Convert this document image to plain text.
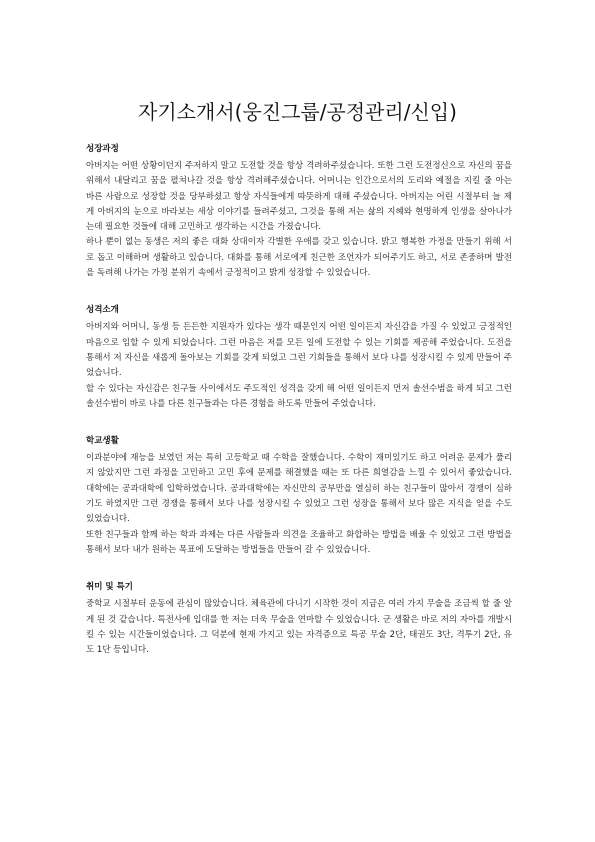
자기소개서(웅진그룹/공정관리/신입)
성장과정

아버지는 어떤 상황이던지 주저하지 말고 도전할 것을 항상 격려하주셨습니다. 또한 그런 도전정신으로 자신의 꿈을 위해서 내달리고 꿈을 펼쳐나갈 것을 항상 격려해주셨습니다. 어머니는 인간으로서의 도리와 예절을 지킬 줄 아는 바른 사람으로 성장할 것을 당부하셨고 항상 자식들에게 따뜻하게 대해 주셨습니다. 아버지는 어린 시절부터 늘 제게 아버지의 눈으로 바라보는 세상 이야기를 들려주셨고, 그것을 통해 저는 삶의 지혜와 현명하게 인생을 살아나가는데 필요한 것들에 대해 고민하고 생각하는 시간을 가졌습니다.

하나 뿐이 없는 동생은 저의 좋은 대화 상대이자 각별한 우애를 갖고 있습니다. 밝고 행복한 가정을 만들기 위해 서로 돕고 이해하며 생활하고 있습니다. 대화를 통해 서로에게 친근한 조언자가 되어주기도 하고, 서로 존중하며 발전을 독려해 나가는 가정 분위기 속에서 긍정적이고 밝게 성장할 수 있었습니다.

성격소개

아버지와 어머니, 동생 등 든든한 지원자가 있다는 생각 때문인지 어떤 일이든지 자신감을 가질 수 있었고 긍정적인 마음으로 임할 수 있게 되었습니다. 그런 마음은 저를 모든 일에 도전할 수 있는 기회를 제공해 주었습니다. 도전을 통해서 저 자신을 새롭게 돌아보는 기회를 갖게 되었고 그런 기회들을 통해서 보다 나를 성장시킬 수 있게 만들어 주었습니다.

할 수 있다는 자신감은 친구들 사이에서도 주도적인 성격을 갖게 해 어떤 일이든지 먼저 솔선수범을 하게 되고 그런 솔선수범이 바로 나를 다른 친구들과는 다른 경험을 하도록 만들어 주었습니다.

학교생활

이과분야에 재능을 보였던 저는 특히 고등학교 때 수학을 잘했습니다. 수학이 재미있기도 하고 어려운 문제가 풀리지 않았지만 그런 과정을 고민하고 고민 후에 문제를 해결했을 때는 또 다른 희열감을 느낄 수 있어서 좋았습니다. 대학에는 공과대학에 입학하였습니다. 공과대학에는 자신만의 공부만을 열심히 하는 친구들이 많아서 경쟁이 심하기도 하였지만 그런 경쟁을 통해서 보다 나를 성장시킬 수 있었고 그런 성장을 통해서 보다 많은 지식을 얻을 수도 있었습니다.

또한 친구들과 함께 하는 학과 과제는 다른 사람들과 의견을 조율하고 화합하는 방법을 배울 수 있었고 그런 방법을 통해서 보다 내가 원하는 목표에 도달하는 방법들을 만들어 갈 수 있었습니다.

취미 및 특기

중학교 시절부터 운동에 관심이 많았습니다. 체육관에 다니기 시작한 것이 지금은 여러 가지 무술을 조금씩 할 줄 알게 된 것 같습니다. 특전사에 입대를 한 저는 더욱 무술을 연마할 수 있었습니다. 군 생활은 바로 저의 자아를 개발시킬 수 있는 시간들이었습니다. 그 덕분에 현재 가지고 있는 자격증으로 특공 무술 2단, 태권도 3단, 격투기 2단, 유도 1단 등입니다.
